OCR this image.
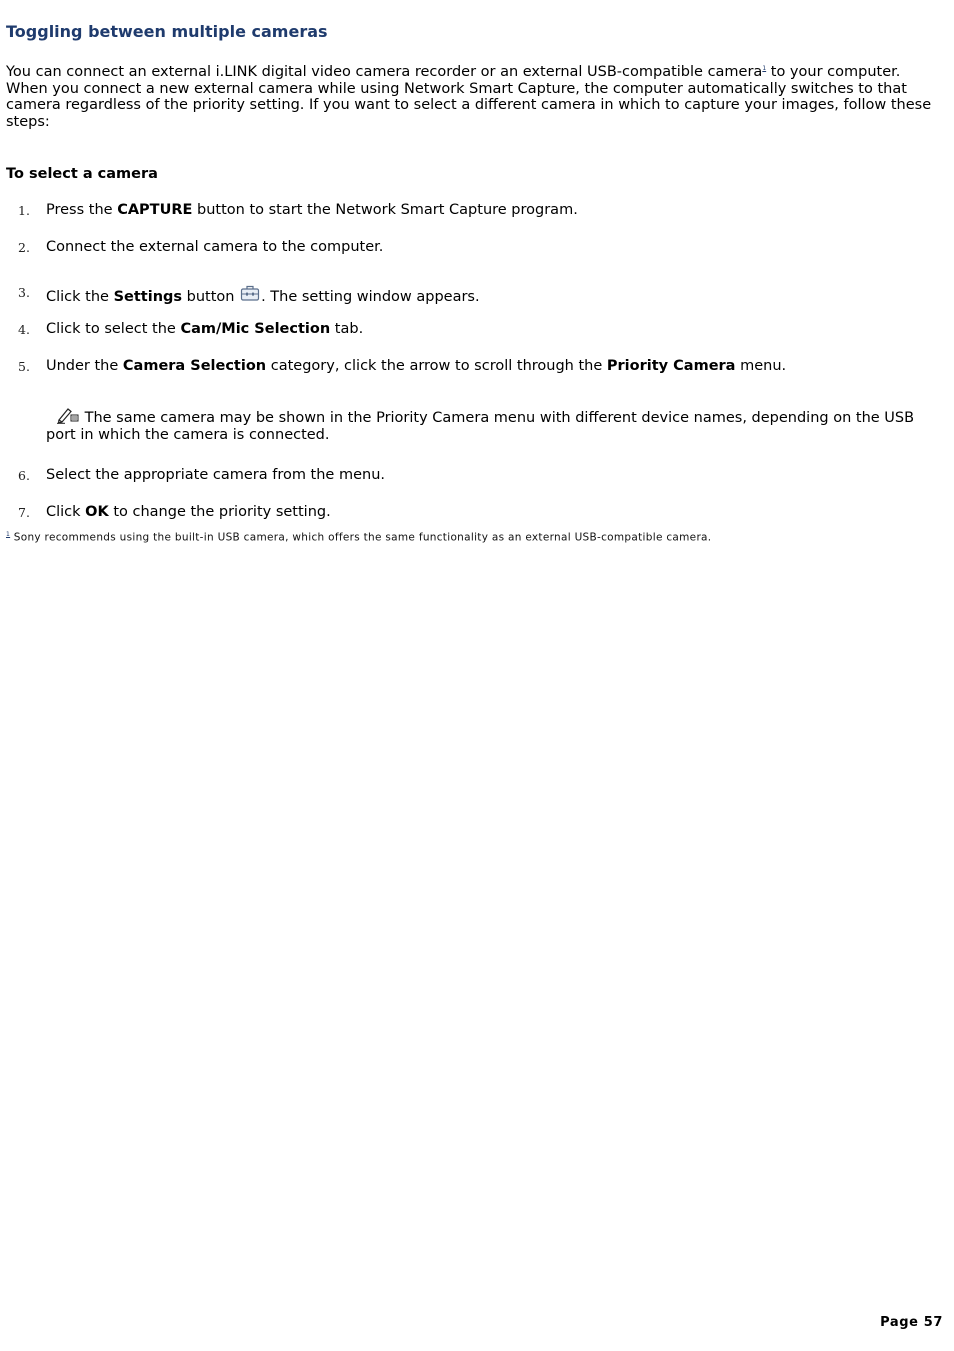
Toggling between multiple cameras

You can connect an external i.LINK digital video camera recorder or an external USB-compatible camera$^1$ to your computer. When you connect a new external camera while using Network Smart Capture, the computer automatically switches to that camera regardless of the priority setting. If you want to select a different camera in which to capture your images, follow these steps:

To select a camera
1. Press the CAPTURE button to start the Network Smart Capture program.
2. Connect the external camera to the computer.
3. Click the Settings button . The setting window appears.
4. Click to select the Cam/Mic Selection tab.
5. Under the Camera Selection category, click the arrow to scroll through the Priority Camera menu.
The same camera may be shown in the Priority Camera menu with different device names, depending on the USB port in which the camera is connected.
6. Select the appropriate camera from the menu.
7. Click OK to change the priority setting.
$^1$ Sony recommends using the built-in USB camera, which offers the same functionality as an external USB-compatible camera.
Page 57
